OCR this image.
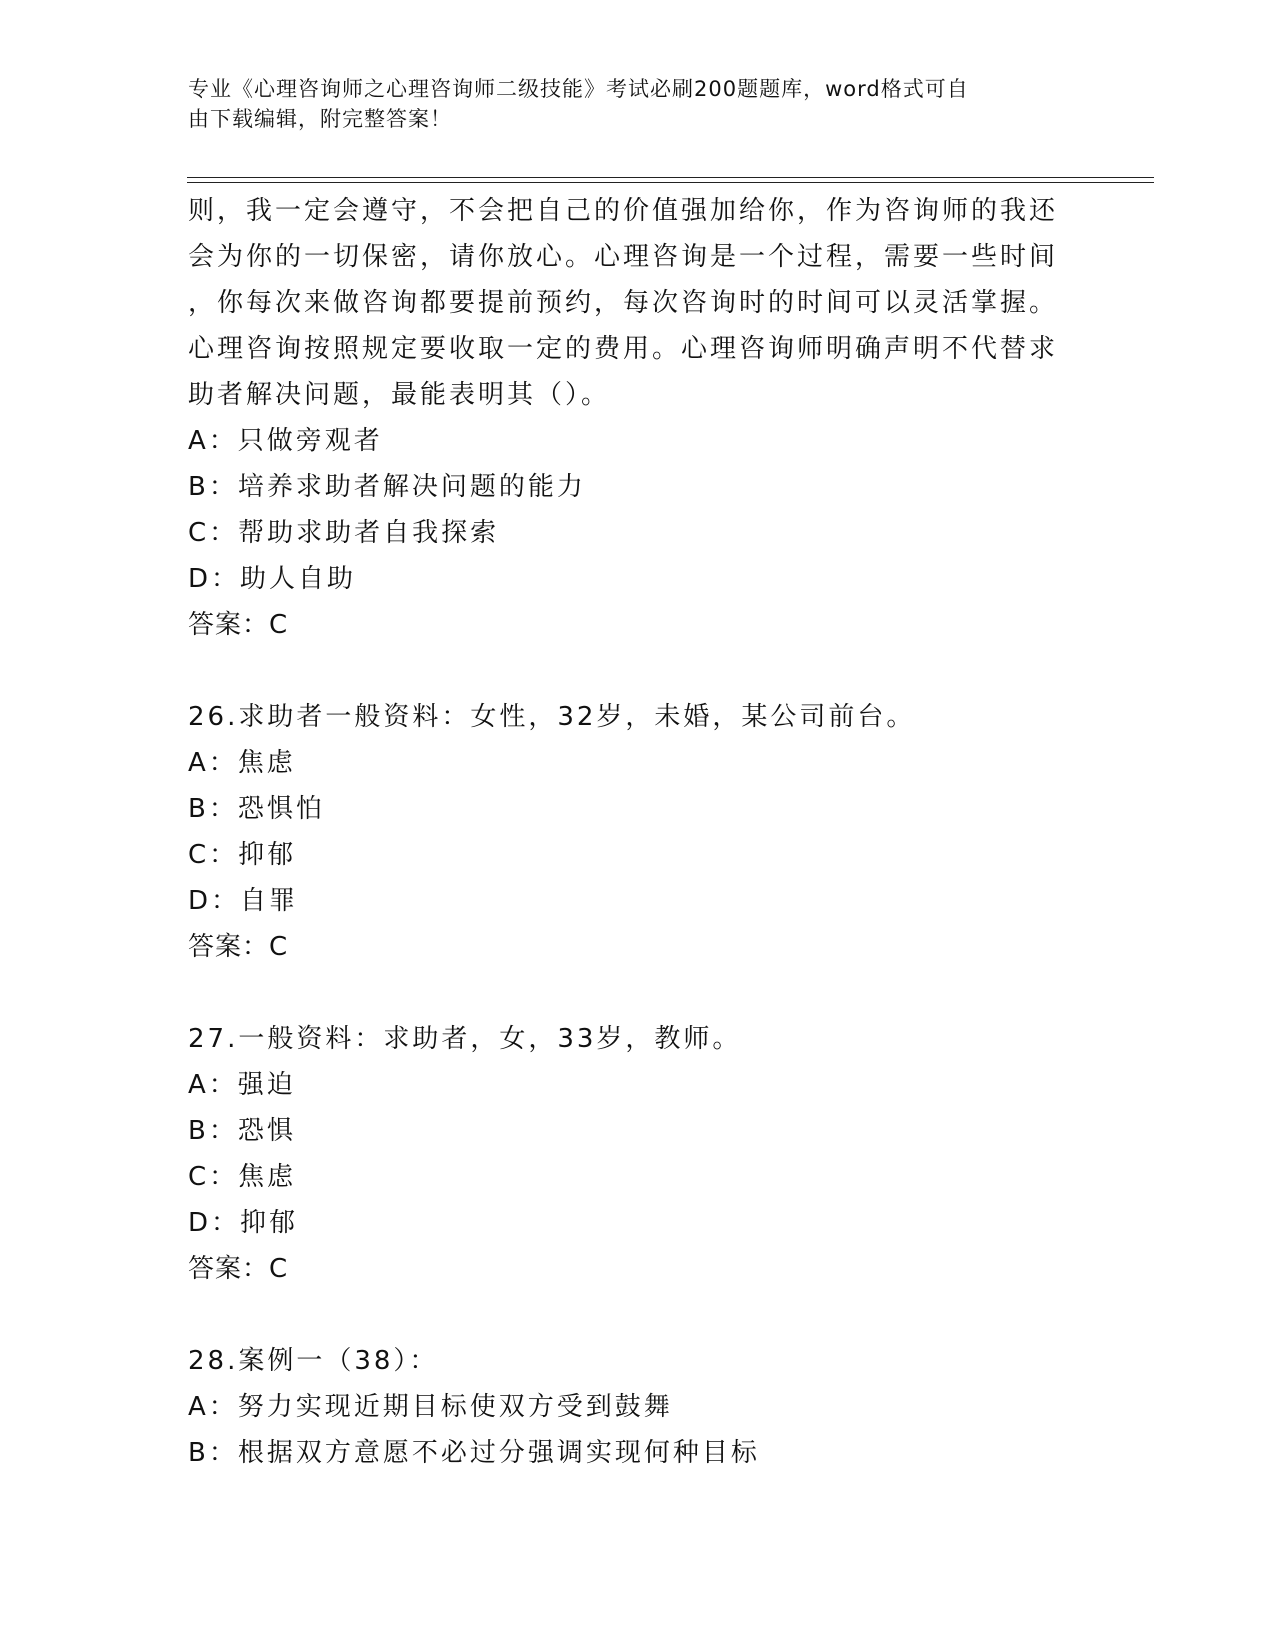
专业《心理咨询师之心理咨询师二级技能》考试必刷200题题库，word格式可自
由下载编辑，附完整答案！
则，我一定会遵守，不会把自己的价值强加给你，作为咨询师的我还
会为你的一切保密，请你放心。心理咨询是一个过程，需要一些时间
，你每次来做咨询都要提前预约，每次咨询时的时间可以灵活掌握。
心理咨询按照规定要收取一定的费用。心理咨询师明确声明不代替求
助者解决问题，最能表明其（）。
A：只做旁观者
B：培养求助者解决问题的能力
C：帮助求助者自我探索
D：助人自助
答案：C
26.求助者一般资料：女性，32岁，未婚，某公司前台。
A：焦虑
B：恐惧怕
C：抑郁
D：自罪
答案：C
27.一般资料：求助者，女，33岁，教师。
A：强迫
B：恐惧
C：焦虑
D：抑郁
答案：C
28.案例一（38）：
A：努力实现近期目标使双方受到鼓舞
B：根据双方意愿不必过分强调实现何种目标
